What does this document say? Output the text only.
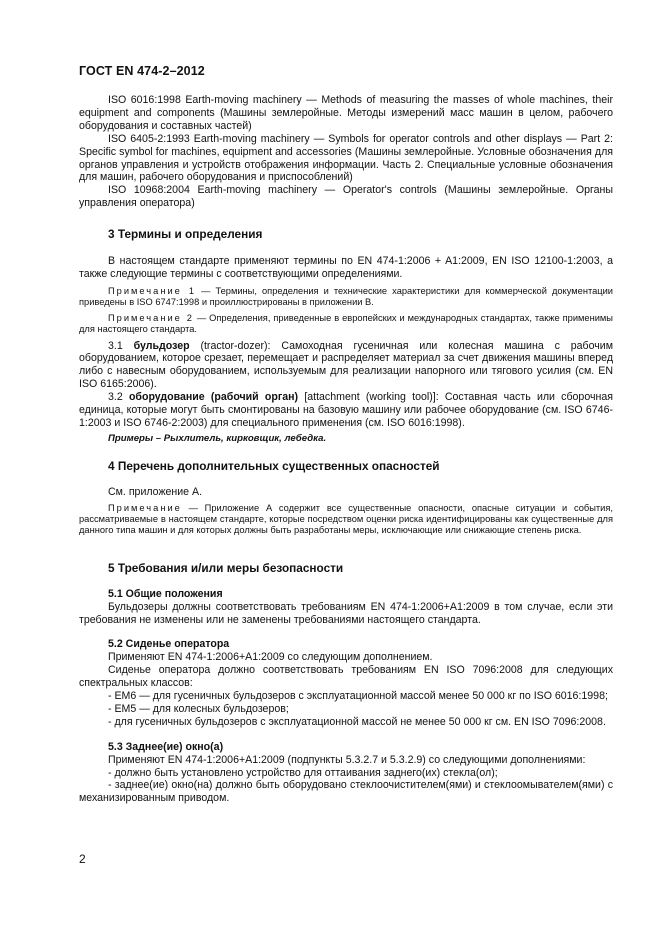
ГОСТ EN 474-2–2012

ISO 6016:1998 Earth-moving machinery — Methods of measuring the masses of whole machines, their equipment and components (Машины землеройные. Методы измерений масс машин в целом, рабочего оборудования и составных частей)

ISO 6405-2:1993 Earth-moving machinery — Symbols for operator controls and other displays — Part 2: Specific symbol for machines, equipment and accessories (Машины землеройные. Условные обозначения для органов управления и устройств отображения информации. Часть 2. Специальные условные обозначения для машин, рабочего оборудования и приспособлений)

ISO 10968:2004 Earth-moving machinery — Operator's controls (Машины землеройные. Органы управления оператора)

3 Термины и определения

В настоящем стандарте применяют термины по EN 474-1:2006 + A1:2009, EN ISO 12100-1:2003, а также следующие термины с соответствующими определениями.

Примечание 1 — Термины, определения и технические характеристики для коммерческой документации приведены в ISO 6747:1998 и проиллюстрированы в приложении В.

Примечание 2 — Определения, приведенные в европейских и международных стандартах, также применимы для настоящего стандарта.

3.1 бульдозер (tractor-dozer): Самоходная гусеничная или колесная машина с рабочим оборудованием, которое срезает, перемещает и распределяет материал за счет движения машины вперед либо с навесным оборудованием, используемым для реализации напорного или тягового усилия (см. EN ISO 6165:2006).

3.2 оборудование (рабочий орган) [attachment (working tool)]: Составная часть или сборочная единица, которые могут быть смонтированы на базовую машину или рабочее оборудование (см. ISO 6746-1:2003 и ISO 6746-2:2003) для специального применения (см. ISO 6016:1998).

Примеры – Рыхлитель, кирковщик, лебедка.

4 Перечень дополнительных существенных опасностей

См. приложение А.

Примечание — Приложение А содержит все существенные опасности, опасные ситуации и события, рассматриваемые в настоящем стандарте, которые посредством оценки риска идентифицированы как существенные для данного типа машин и для которых должны быть разработаны меры, исключающие или снижающие степень риска.

5 Требования и/или меры безопасности
5.1 Общие положения

Бульдозеры должны соответствовать требованиям EN 474-1:2006+A1:2009 в том случае, если эти требования не изменены или не заменены требованиями настоящего стандарта.

5.2 Сиденье оператора

Применяют EN 474-1:2006+A1:2009 со следующим дополнением.

Сиденье оператора должно соответствовать требованиям EN ISO 7096:2008 для следующих спектральных классов:

- EM6 — для гусеничных бульдозеров с эксплуатационной массой менее 50 000 кг по ISO 6016:1998;

- EM5 — для колесных бульдозеров;

- для гусеничных бульдозеров с эксплуатационной массой не менее 50 000 кг см. EN ISO 7096:2008.

5.3 Заднее(ие) окно(а)

Применяют EN 474-1:2006+A1:2009 (подпункты 5.3.2.7 и 5.3.2.9) со следующими дополнениями:

- должно быть установлено устройство для оттаивания заднего(их) стекла(ол);

- заднее(ие) окно(на) должно быть оборудовано стеклоочистителем(ями) и стеклоомывателем(ями) с механизированным приводом.

2
